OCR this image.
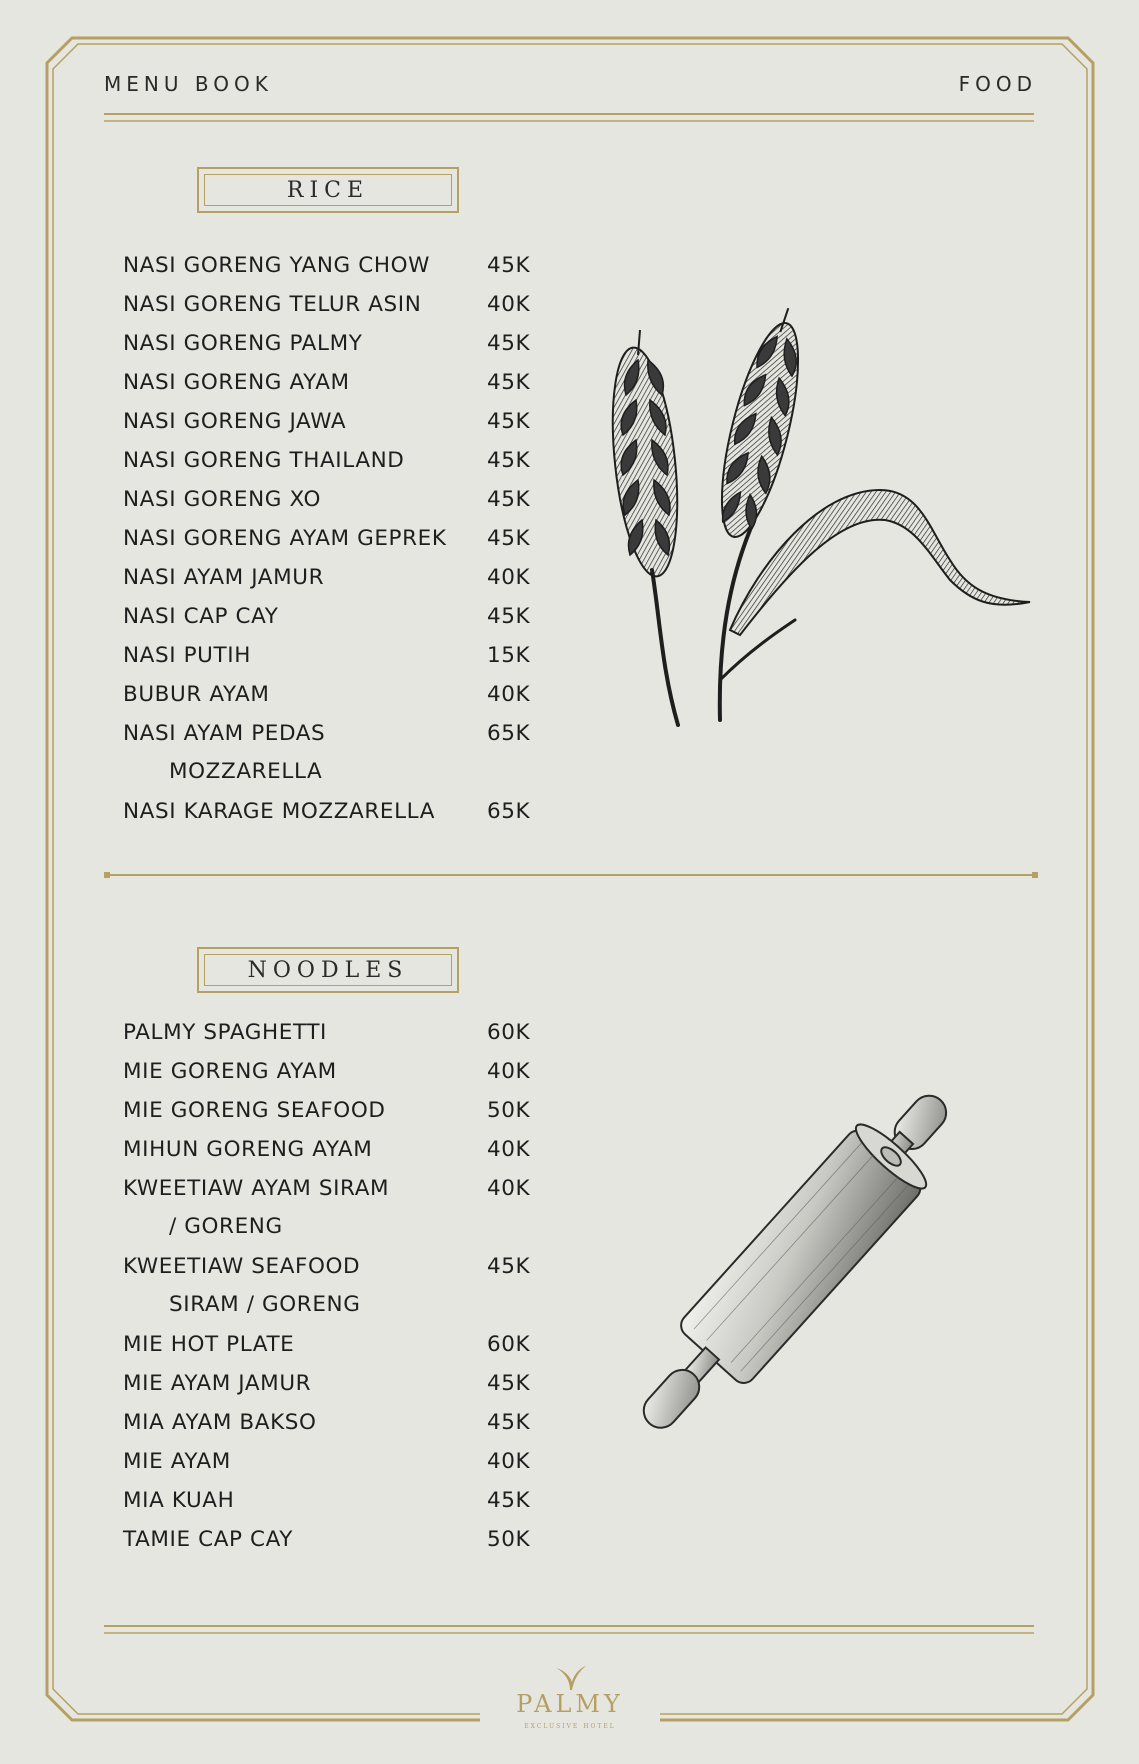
MENU BOOK	FOOD
RICE
NASI GORENG YANG CHOW	45K
NASI GORENG TELUR ASIN	40K
NASI GORENG PALMY	45K
NASI GORENG AYAM	45K
NASI GORENG JAWA	45K
NASI GORENG THAILAND	45K
NASI GORENG XO	45K
NASI GORENG AYAM GEPREK 45K
NASI AYAM JAMUR	40K
NASI CAP CAY	45K
NASI PUTIH	15K
BUBUR AYAM	40K
NASI AYAM PEDAS	65K
MOZZARELLA
NASI KARAGE MOZZARELLA 65K
NOODLES
PALMY SPAGHETTI	60K
MIE GORENG AYAM	40K
MIE GORENG SEAFOOD	50K
MIHUN GORENG AYAM	40K
KWEETIAW AYAM SIRAM	40K
/ GORENG
KWEETIAW SEAFOOD	45K
SIRAM / GORENG
MIE HOT PLATE	60K
MIE AYAM JAMUR	45K
MIA AYAM BAKSO	45K
MIE AYAM	40K
MIA KUAH	45K
TAMIE CAP CAY	50K
PALMY
EXCLUSIVE HOTEL
